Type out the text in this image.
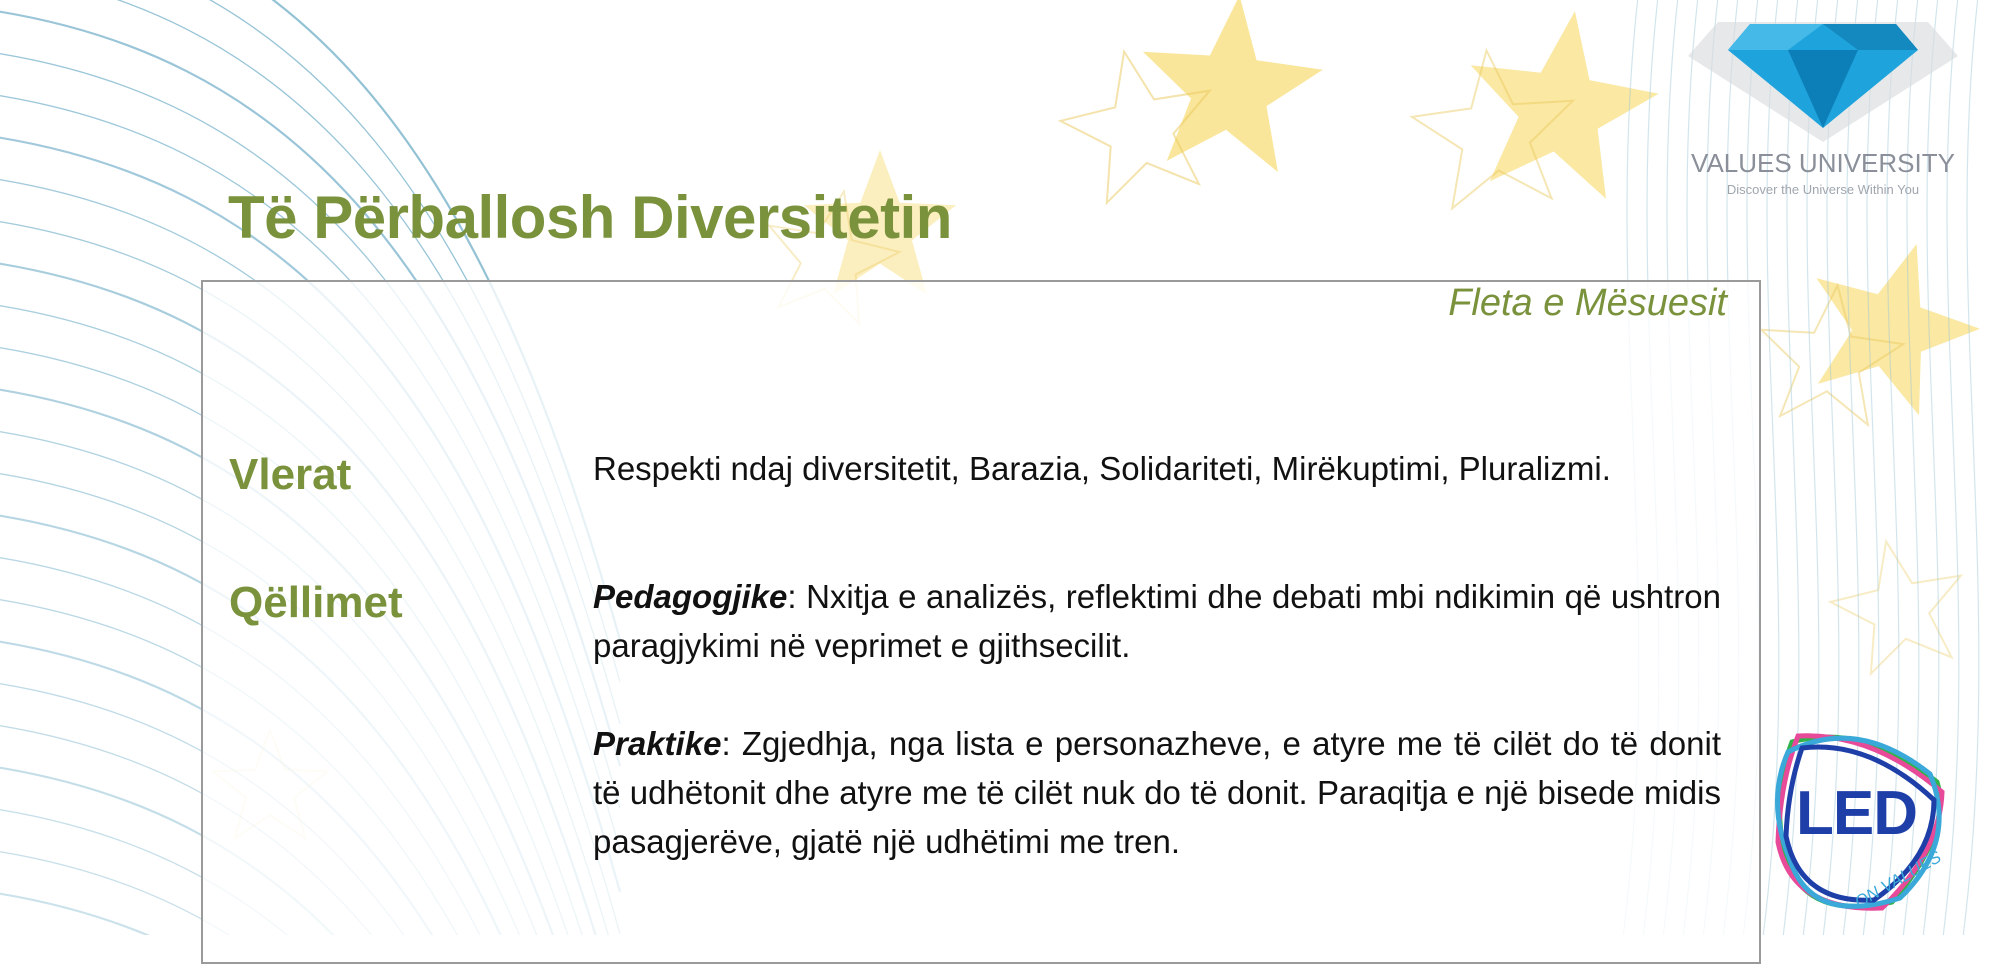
VALUES UNIVERSITY
Discover the Universe Within You
Të Përballosh Diversitetin
Fleta e Mësuesit
Vlerat	Respekti ndaj diversitetit, Barazia, Solidariteti, Mirëkuptimi, Pluralizmi.
Qëllimet	Pedagogjike: Nxitja e analizës, reflektimi dhe debati mbi ndikimin që ushtron paragjykimi në veprimet e gjithsecilit.
Praktike: Zgjedhja, nga lista e personazheve, e atyre me të cilët do të donit të udhëtonit dhe atyre me të cilët nuk do të donit. Paraqitja e një bisede midis pasagjerëve, gjatë një udhëtimi me tren.	LED
ON VALUES
